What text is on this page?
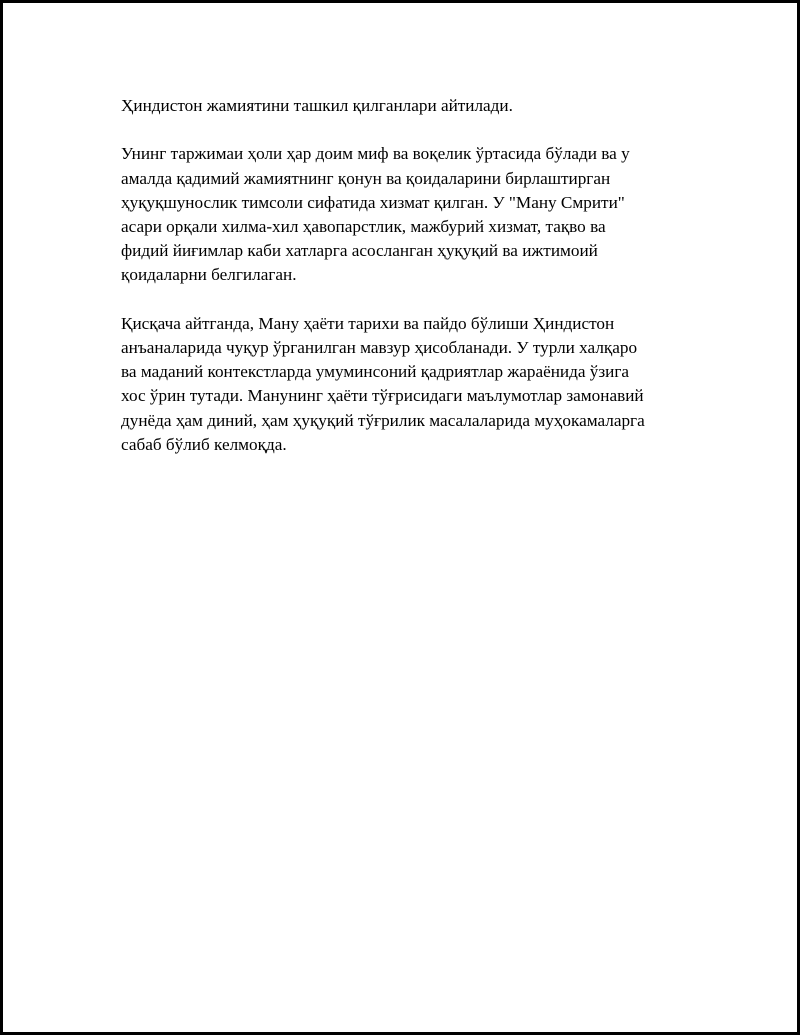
Ҳиндистон жамиятини ташкил қилганлари айтилади.

Унинг таржимаи ҳоли ҳар доим миф ва воқелик ўртасида бўлади ва у
амалда қадимий жамиятнинг қонун ва қоидаларини бирлаштирган
ҳуқуқшунослик тимсоли сифатида хизмат қилган. У "Ману Смрити"
асари орқали хилма-хил ҳавопарстлик, мажбурий хизмат, тақво ва
фидий йиғимлар каби хатларга асосланган ҳуқуқий ва ижтимоий
қоидаларни белгилаган.

Қисқача айтганда, Ману ҳаёти тарихи ва пайдо бўлиши Ҳиндистон
анъаналарида чуқур ўрганилган мавзур ҳисобланади. У турли халқаро
ва маданий контекстларда умуминсоний қадриятлар жараёнида ўзига
хос ўрин тутади. Манунинг ҳаёти тўғрисидаги маълумотлар замонавий
дунёда ҳам диний, ҳам ҳуқуқий тўғрилик масалаларида муҳокамаларга
сабаб бўлиб келмоқда.
